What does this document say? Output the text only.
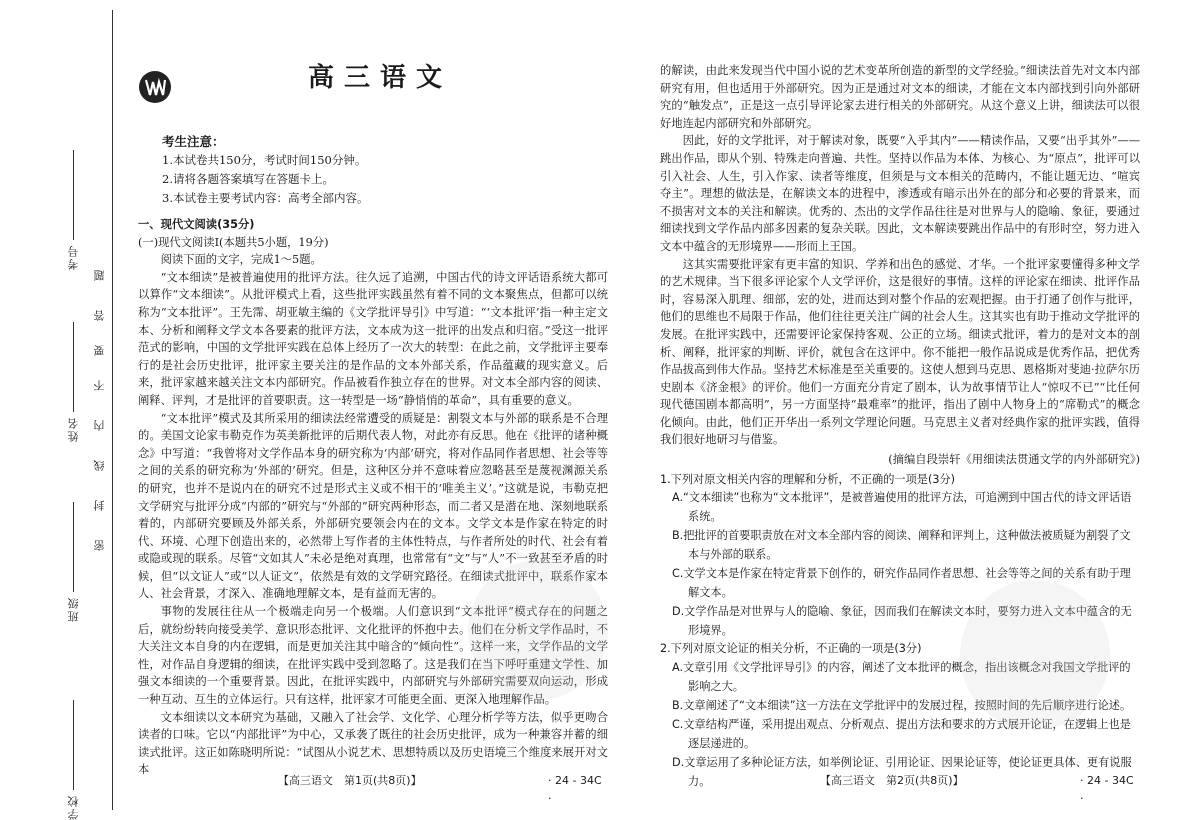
考号
姓名
班级
学校
密
封
线
内
不
要
答
题
高三语文
考生注意：
1.本试卷共150分，考试时间150分钟。
2.请将各题答案填写在答题卡上。
3.本试卷主要考试内容：高考全部内容。
一、现代文阅读(35分)
(一)现代文阅读Ⅰ(本题共5小题，19分)

阅读下面的文字，完成1～5题。

“文本细读”是被普遍使用的批评方法。往久远了追溯，中国古代的诗文评话语系统大都可以算作“文本细读”。从批评模式上看，这些批评实践虽然有着不同的文本聚焦点，但都可以统称为“文本批评”。王先霈、胡亚敏主编的《文学批评导引》中写道：“‘文本批评’指一种主定文本、分析和阐释文学文本各要素的批评方法，文本成为这一批评的出发点和归宿。”受这一批评范式的影响，中国的文学批评实践在总体上经历了一次大的转型：在此之前，文学批评主要奉行的是社会历史批评，批评家主要关注的是作品的文本外部关系，作品蕴藏的现实意义。后来，批评家越来越关注文本内部研究。作品被看作独立存在的世界。对文本全部内容的阅读、阐释、评判，才是批评的首要职责。这一转型是一场“静悄悄的革命”，具有重要的意义。

“文本批评”模式及其所采用的细读法经常遭受的质疑是：割裂文本与外部的联系是不合理的。美国文论家韦勒克作为英美新批评的后期代表人物，对此亦有反思。他在《批评的诸种概念》中写道：“我曾将对文学作品本身的研究称为‘内部’研究，将对作品同作者思想、社会等等之间的关系的研究称为‘外部的’研究。但是，这种区分并不意味着应忽略甚至是蔑视渊源关系的研究，也并不是说内在的研究不过是形式主义或不相干的‘唯美主义’。”这就是说，韦勒克把文学研究与批评分成“内部的”研究与“外部的”研究两种形态，而二者又是潜在地、深刻地联系着的，内部研究要顾及外部关系，外部研究要领会内在的文本。文学文本是作家在特定的时代、环境、心理下创造出来的，必然带上写作者的主体性特点，与作者所处的时代、社会有着或隐或现的联系。尽管“文如其人”未必是绝对真理，也常常有“文”与“人”不一致甚至矛盾的时候，但“以文证人”或“以人证文”，依然是有效的文学研究路径。在细读式批评中，联系作家本人、社会背景，才深入、准确地理解文本，是有益而无害的。

事物的发展往往从一个极端走向另一个极端。人们意识到“文本批评”模式存在的问题之后，就纷纷转向接受美学、意识形态批评、文化批评的怀抱中去。他们在分析文学作品时，不大关注文本自身的内在逻辑，而是更加关注其中暗含的“倾向性”。这样一来，文学作品的文学性，对作品自身逻辑的细读，在批评实践中受到忽略了。这是我们在当下呼吁重建文学性、加强文本细读的一个重要背景。因此，在批评实践中，内部研究与外部研究需要双向运动，形成一种互动、互生的立体运行。只有这样，批评家才可能更全面、更深入地理解作品。

文本细读以文本研究为基础，又融入了社会学、文化学、心理分析学等方法，似乎更吻合读者的口味。它以“内部批评”为中心，又承袭了既往的社会历史批评，成为一种兼容并蓄的细读式批评。这正如陈晓明所说：“试图从小说艺术、思想特质以及历史语境三个维度来展开对文本

【高三语文　第1页(共8页)】	· 24 - 34C ·

的解读，由此来发现当代中国小说的艺术变革所创造的新型的文学经验。”细读法首先对文本内部研究有用，但也适用于外部研究。因为正是通过对文本的细读，才能在文本内部找到引向外部研究的“触发点”，正是这一点引导评论家去进行相关的外部研究。从这个意义上讲，细读法可以很好地连起内部研究和外部研究。

因此，好的文学批评，对于解读对象，既要“入乎其内”——精读作品，又要“出乎其外”——跳出作品，即从个别、特殊走向普遍、共性。坚持以作品为本体、为核心、为“原点”，批评可以引入社会、人生，引入作家、读者等维度，但须是与文本相关的范畴内，不能让题无边、“喧宾夺主”。理想的做法是，在解读文本的进程中，渗透或有暗示出外在的部分和必要的背景来，而不损害对文本的关注和解读。优秀的、杰出的文学作品往往是对世界与人的隐喻、象征，要通过细读找到文学作品内部多因素的复杂关联。因此，文本解读要跳出作品中的有形时空，努力进入文本中蕴含的无形境界——形而上王国。

这其实需要批评家有更丰富的知识、学养和出色的感觉、才华。一个批评家要懂得多种文学的艺术规律。当下很多评论家个人文学评价，这是很好的事情。这样的评论家在细读、批评作品时，容易深入肌理、细部，宏的处，进而达到对整个作品的宏观把握。由于打通了创作与批评，他们的思维也不局限于作品，他们往往更关注广阔的社会人生。这其实也有助于推动文学批评的发展。在批评实践中，还需要评论家保持客观、公正的立场。细读式批评，着力的是对文本的剖析、阐释，批评家的判断、评价，就包含在这评中。你不能把一般作品说成是优秀作品，把优秀作品拔高到伟大作品。坚持艺术标准是至关重要的。这使人想到马克思、恩格斯对斐迪·拉萨尔历史剧本《济金根》的评价。他们一方面充分肯定了剧本，认为故事情节让人“惊叹不已”“比任何现代德国剧本都高明”，另一方面坚持“最难率”的批评，指出了剧中人物身上的“席勒式”的概念化倾向。由此，他们正开华出一系列文学理论问题。马克思主义者对经典作家的批评实践，值得我们很好地研习与借鉴。

(摘编自段崇轩《用细读法贯通文学的内外部研究》)
1.下列对原文相关内容的理解和分析，不正确的一项是(3分)
A.“文本细读”也称为“文本批评”，是被普遍使用的批评方法，可追溯到中国古代的诗文评话语系统。
B.把批评的首要职责放在对文本全部内容的阅读、阐释和评判上，这种做法被质疑为割裂了文本与外部的联系。
C.文学文本是作家在特定背景下创作的，研究作品同作者思想、社会等等之间的关系有助于理解文本。
D.文学作品是对世界与人的隐喻、象征，因而我们在解读文本时，要努力进入文本中蕴含的无形境界。
2.下列对原文论证的相关分析，不正确的一项是(3分)
A.文章引用《文学批评导引》的内容，阐述了文本批评的概念，指出该概念对我国文学批评的影响之大。
B.文章阐述了“文本细读”这一方法在文学批评中的发展过程，按照时间的先后顺序进行论述。
C.文章结构严谨，采用提出观点、分析观点、提出方法和要求的方式展开论证，在逻辑上也是逐层递进的。
D.文章运用了多种论证方法，如举例论证、引用论证、因果论证等，使论证更具体、更有说服力。	【高三语文　第2页(共8页)】	· 24 - 34C ·
